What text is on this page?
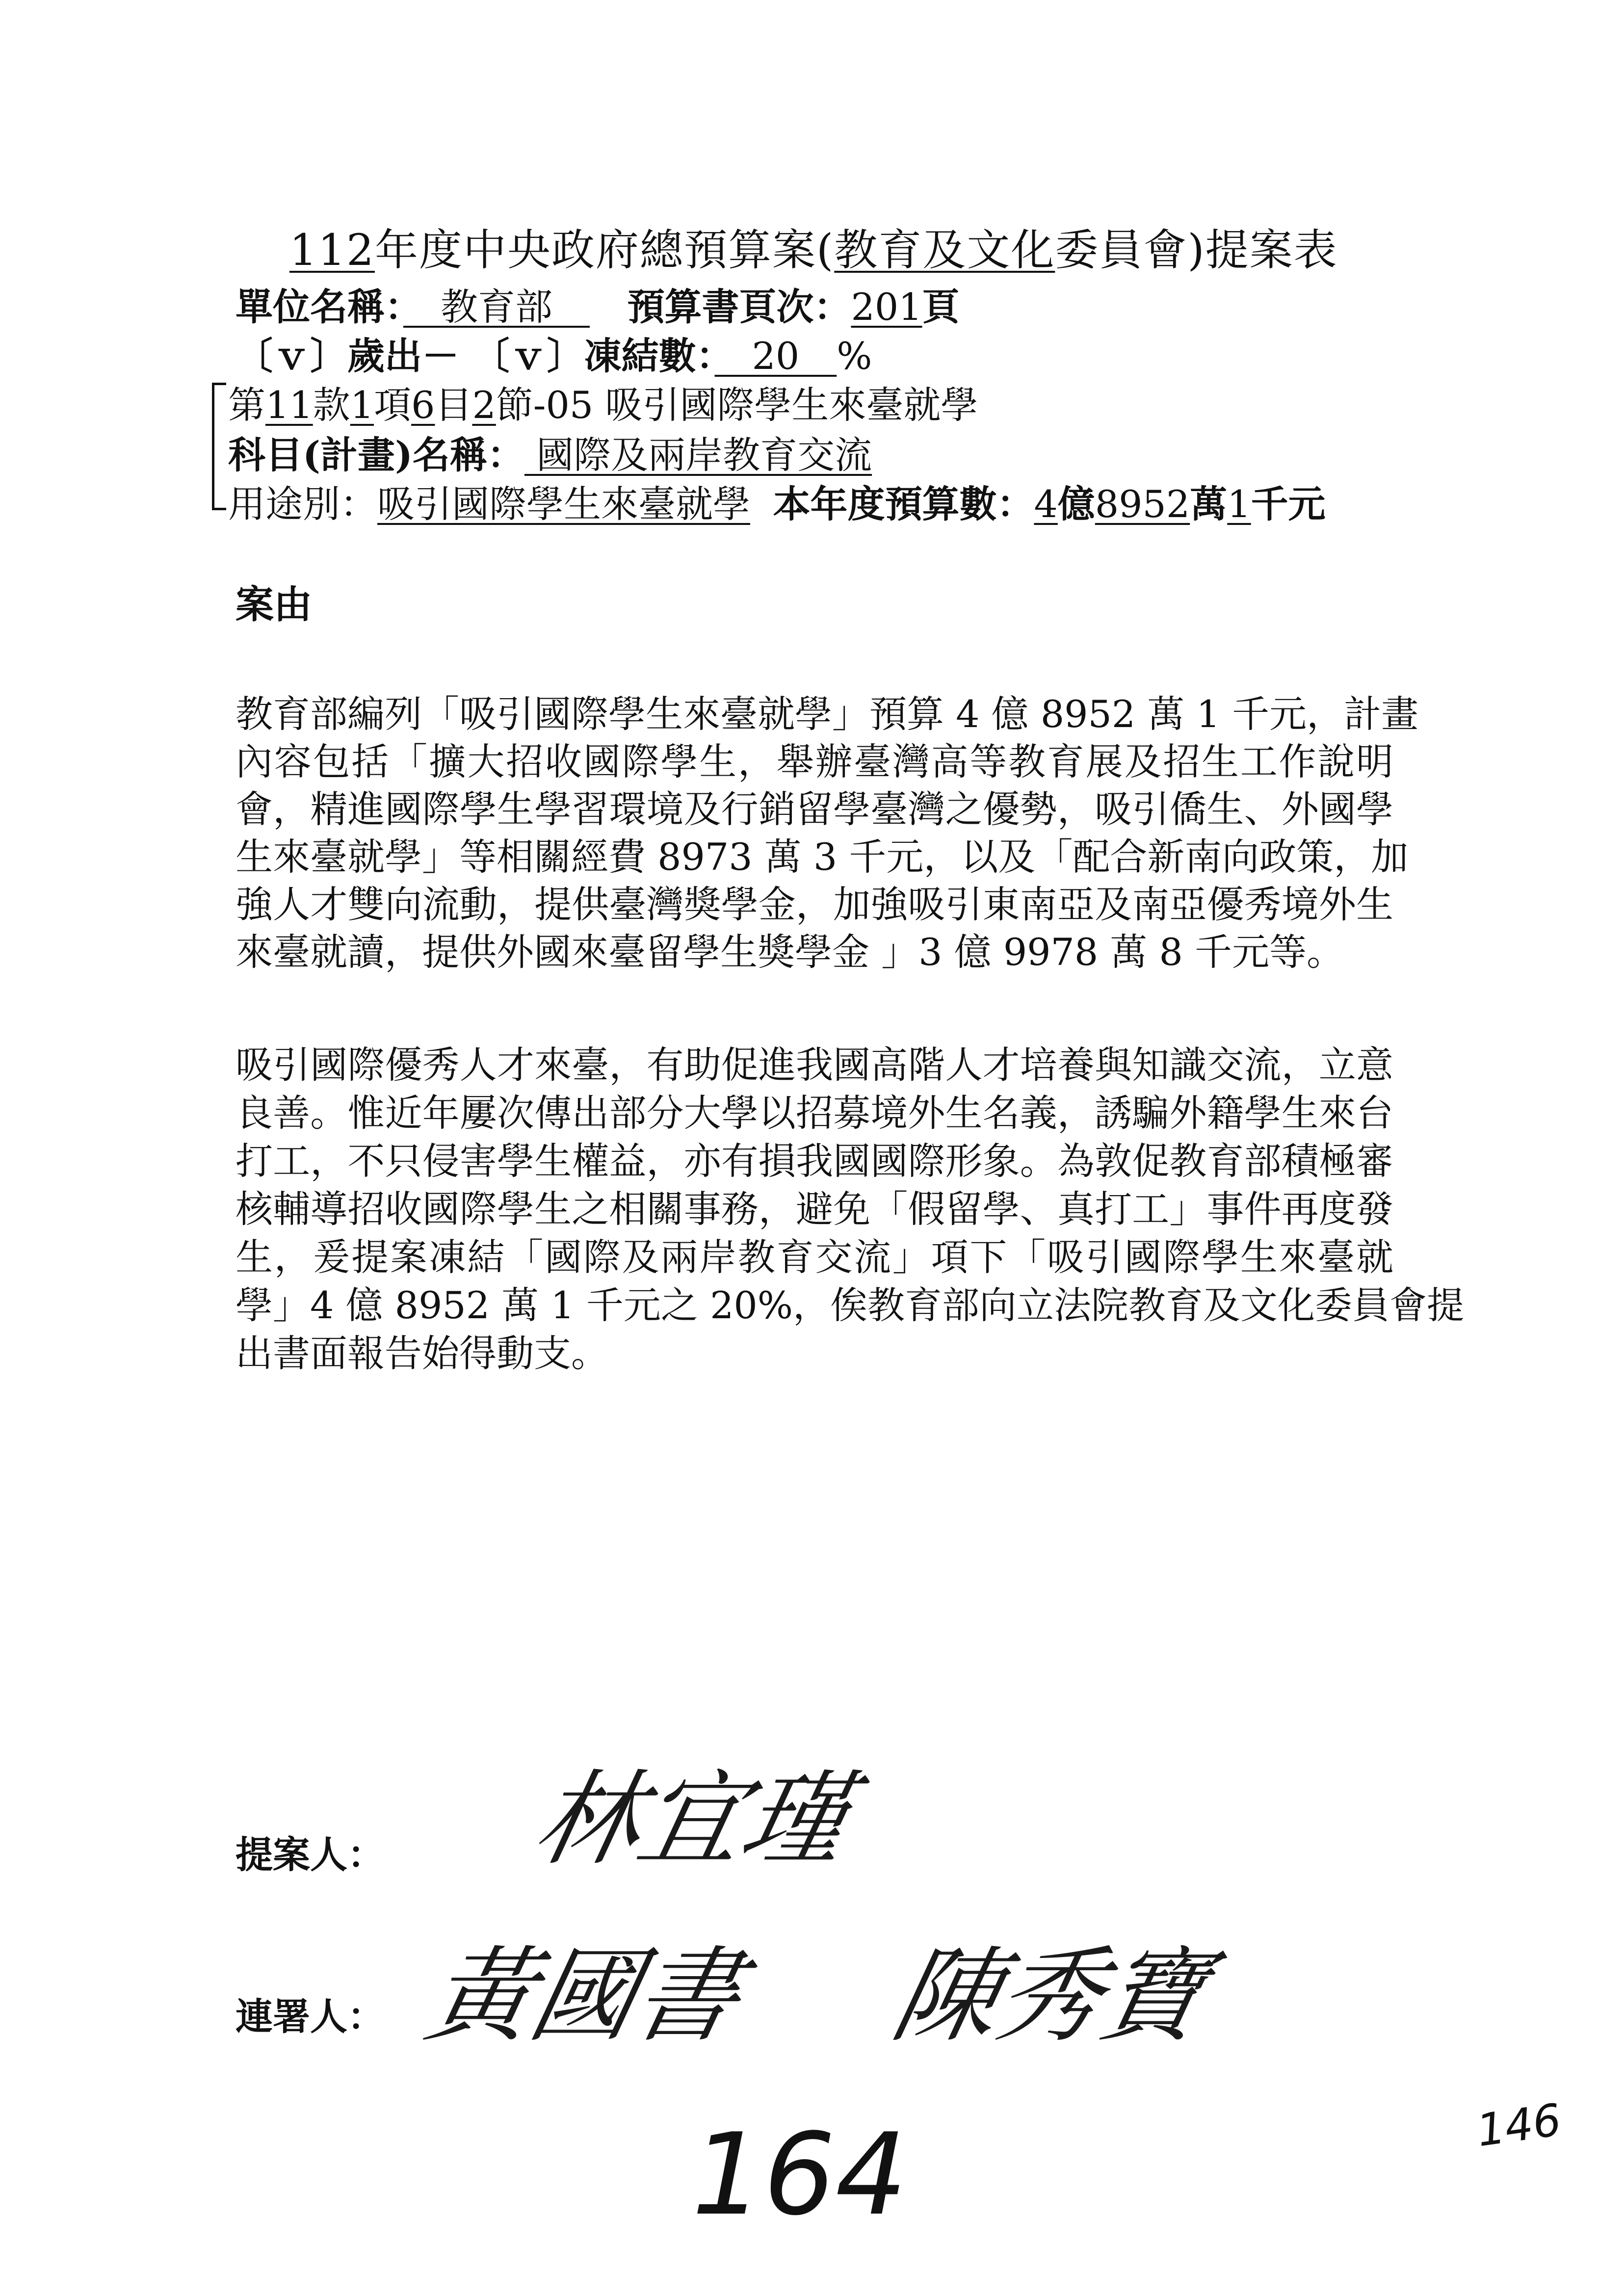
112年度中央政府總預算案(教育及文化委員會)提案表
單位名稱：　教育部　 預算書頁次：201頁
〔ｖ〕歲出－ 〔ｖ〕凍結數：　20　%
第11款1項6目2節-05 吸引國際學生來臺就學
科目(計畫)名稱： 國際及兩岸教育交流
用途別：吸引國際學生來臺就學 本年度預算數：4億8952萬1千元
案由
教育部編列「吸引國際學生來臺就學」預算 4 億 8952 萬 1 千元，計畫
內容包括「擴大招收國際學生，舉辦臺灣高等教育展及招生工作說明
會，精進國際學生學習環境及行銷留學臺灣之優勢，吸引僑生、外國學
生來臺就學」等相關經費 8973 萬 3 千元，以及「配合新南向政策，加
強人才雙向流動，提供臺灣獎學金，加強吸引東南亞及南亞優秀境外生
來臺就讀，提供外國來臺留學生獎學金 」3 億 9978 萬 8 千元等。
吸引國際優秀人才來臺，有助促進我國高階人才培養與知識交流，立意
良善。惟近年屢次傳出部分大學以招募境外生名義，誘騙外籍學生來台
打工，不只侵害學生權益，亦有損我國國際形象。為敦促教育部積極審
核輔導招收國際學生之相關事務，避免「假留學、真打工」事件再度發
生，爰提案凍結「國際及兩岸教育交流」項下「吸引國際學生來臺就
學」4 億 8952 萬 1 千元之 20%，俟教育部向立法院教育及文化委員會提
出書面報告始得動支。
提案人： 林宜瑾
連署人： 黃國書 陳秀寶
164	146
